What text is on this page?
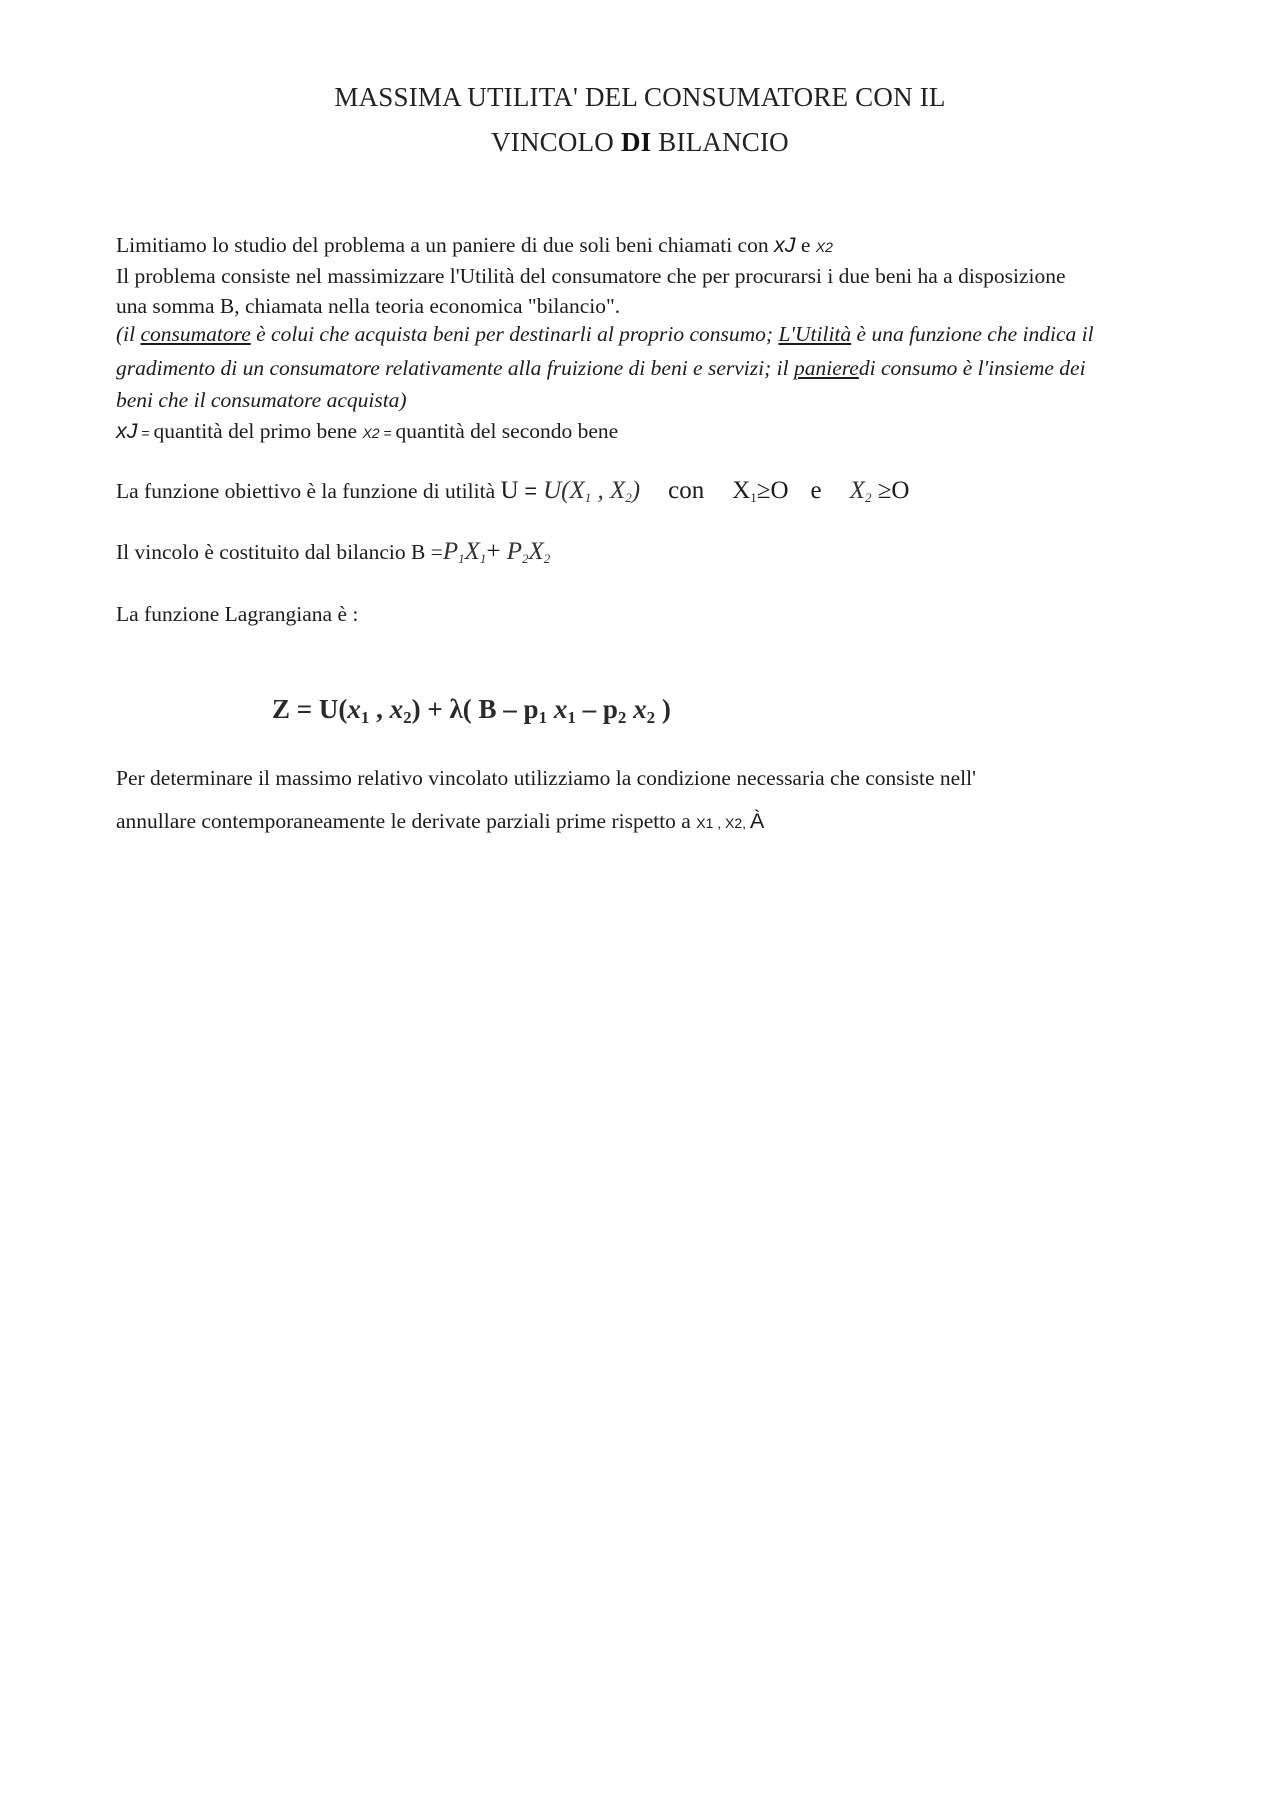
MASSIMA UTILITA' DEL CONSUMATORE CON IL
VINCOLO DI BILANCIO
Limitiamo lo studio del problema a un paniere di due soli beni chiamati con xJ e X2
Il problema consiste nel massimizzare l'Utilità del consumatore che per procurarsi i due beni ha a disposizione
una somma B, chiamata nella teoria economica "bilancio".
(il consumatore è colui che acquista beni per destinarli al proprio consumo; L'Utilità è una funzione che indica il
gradimento di un consumatore relativamente alla fruizione di beni e servizi; il panieredi consumo è l'insieme dei
beni che il consumatore acquista)
xJ = quantità del primo bene X2 = quantità del secondo bene
La funzione obiettivo è la funzione di utilità $U = U(X_1$ , $X_2$) con $X_1\ge O$ e $X_2 \ge O$
Il vincolo è costituito dal bilancio $B =P_1X_1+ P_2X_2$
La funzione Lagrangiana è :
Z = U(x1 , x2) + λ( B – p1 x1 – p2 x2 )
Per determinare il massimo relativo vincolato utilizziamo la condizione necessaria che consiste nell'
annullare contemporaneamente le derivate parziali prime rispetto a X1 , X2, À
